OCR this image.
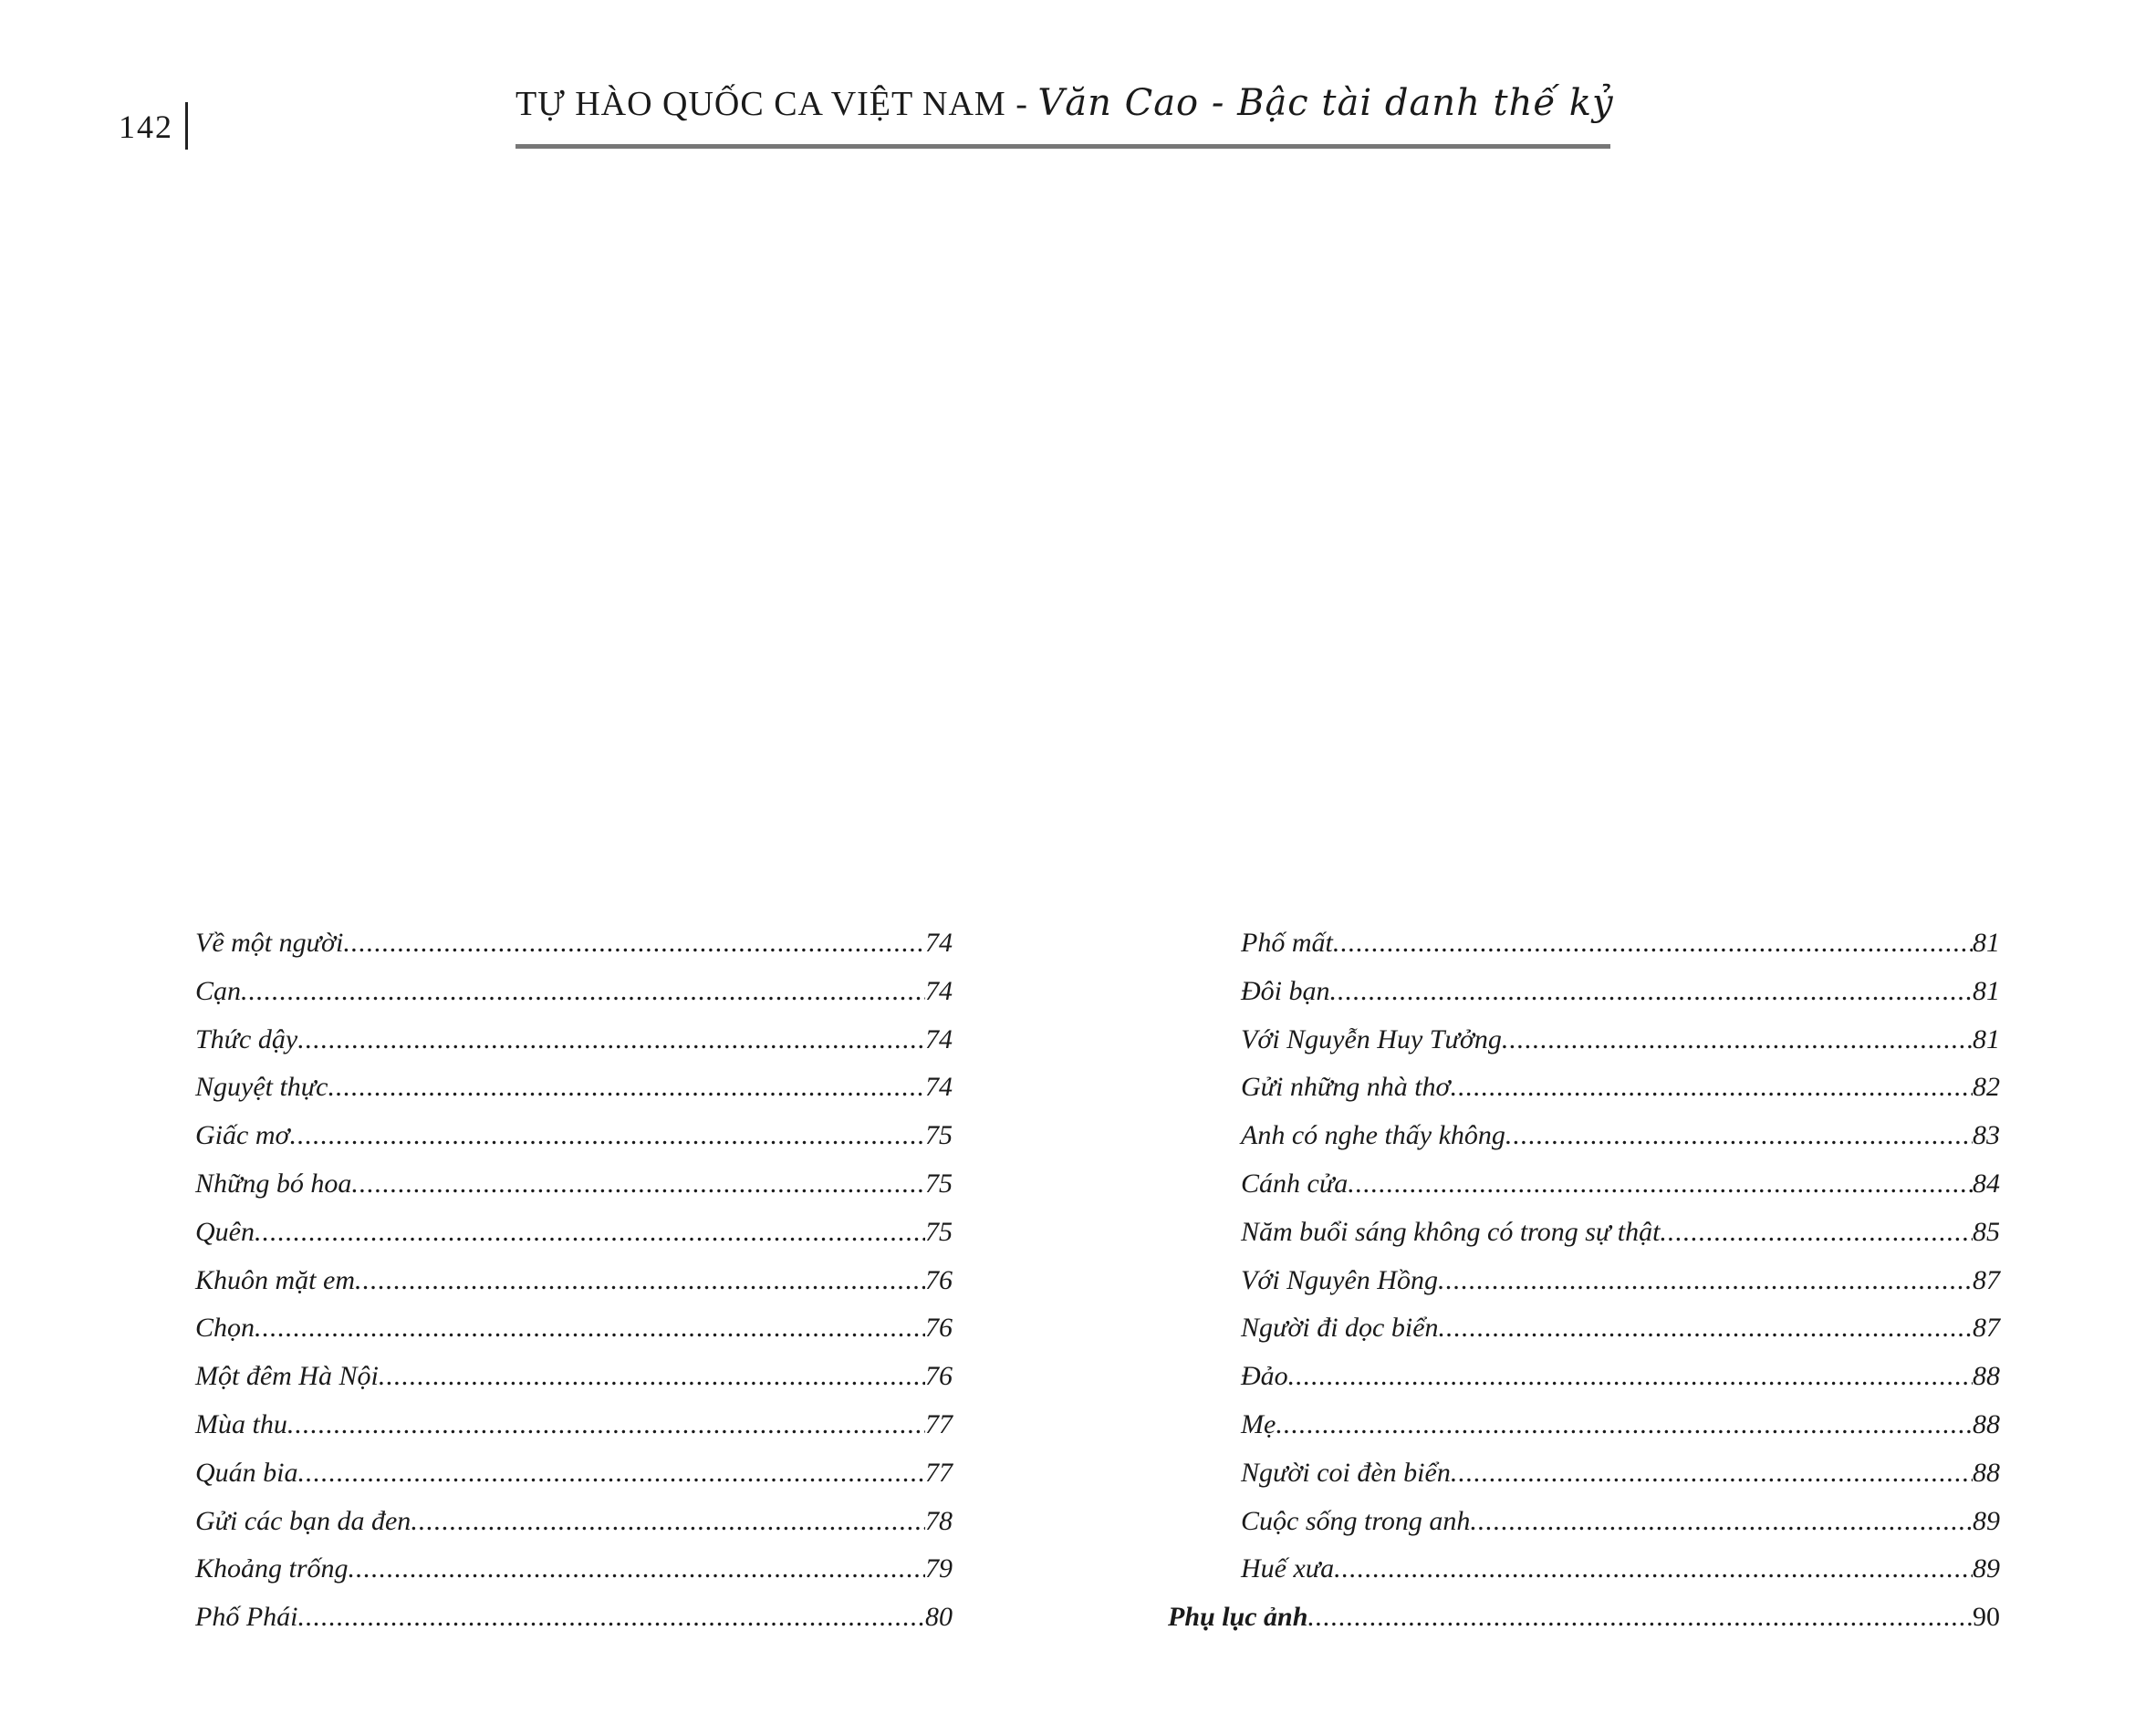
142
TỰ HÀO QUỐC CA VIỆT NAM - Văn Cao - Bậc tài danh thế kỷ
Về một người .....	74
Cạn .....	74
Thức dậy .....	74
Nguyệt thực .....	74
Giấc mơ .....	75
Những bó hoa .....	75
Quên .....	75
Khuôn mặt em .....	76
Chọn .....	76
Một đêm Hà Nội .....	76
Mùa thu .....	77
Quán bia .....	77
Gửi các bạn da đen .....	78
Khoảng trống .....	79
Phố Phái .....	80
Phố mất .....	81
Đôi bạn .....	81
Với Nguyễn Huy Tưởng .....	81
Gửi những nhà thơ .....	82
Anh có nghe thấy không .....	83
Cánh cửa .....	84
Năm buổi sáng không có trong sự thật .....	85
Với Nguyên Hồng .....	87
Người đi dọc biển .....	87
Đảo .....	88
Mẹ .....	88
Người coi đèn biển .....	88
Cuộc sống trong anh .....	89
Huế xưa .....	89
Phụ lục ảnh .....	90
